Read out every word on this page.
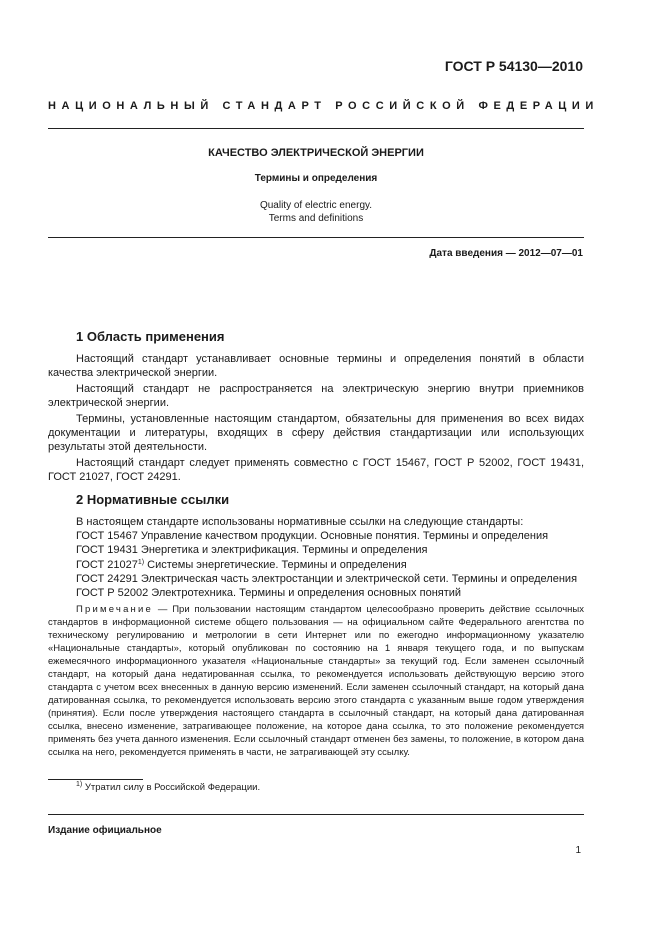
ГОСТ Р 54130—2010
НАЦИОНАЛЬНЫЙ СТАНДАРТ РОССИЙСКОЙ ФЕДЕРАЦИИ
КАЧЕСТВО ЭЛЕКТРИЧЕСКОЙ ЭНЕРГИИ
Термины и определения
Quality of electric energy.
Terms and definitions
Дата введения — 2012—07—01
1 Область применения
Настоящий стандарт устанавливает основные термины и определения понятий в области качества электрической энергии.
Настоящий стандарт не распространяется на электрическую энергию внутри приемников электрической энергии.
Термины, установленные настоящим стандартом, обязательны для применения во всех видах документации и литературы, входящих в сферу действия стандартизации или использующих результаты этой деятельности.
Настоящий стандарт следует применять совместно с ГОСТ 15467, ГОСТ Р 52002, ГОСТ 19431, ГОСТ 21027, ГОСТ 24291.
2 Нормативные ссылки
В настоящем стандарте использованы нормативные ссылки на следующие стандарты:
ГОСТ 15467 Управление качеством продукции. Основные понятия. Термины и определения
ГОСТ 19431 Энергетика и электрификация. Термины и определения
ГОСТ 21027$^{1)}$ Системы энергетические. Термины и определения
ГОСТ 24291 Электрическая часть электростанции и электрической сети. Термины и определения
ГОСТ Р 52002 Электротехника. Термины и определения основных понятий
Примечание — При пользовании настоящим стандартом целесообразно проверить действие ссылочных стандартов в информационной системе общего пользования — на официальном сайте Федерального агентства по техническому регулированию и метрологии в сети Интернет или по ежегодно информационному указателю «Национальные стандарты», который опубликован по состоянию на 1 января текущего года, и по выпускам ежемесячного информационного указателя «Национальные стандарты» за текущий год. Если заменен ссылочный стандарт, на который дана недатированная ссылка, то рекомендуется использовать действующую версию этого стандарта с учетом всех внесенных в данную версию изменений. Если заменен ссылочный стандарт, на который дана датированная ссылка, то рекомендуется использовать версию этого стандарта с указанным выше годом утверждения (принятия). Если после утверждения настоящего стандарта в ссылочный стандарт, на который дана датированная ссылка, внесено изменение, затрагивающее положение, на которое дана ссылка, то это положение рекомендуется применять без учета данного изменения. Если ссылочный стандарт отменен без замены, то положение, в котором дана ссылка на него, рекомендуется применять в части, не затрагивающей эту ссылку.
$^{1)}$ Утратил силу в Российской Федерации.
Издание официальное
1
